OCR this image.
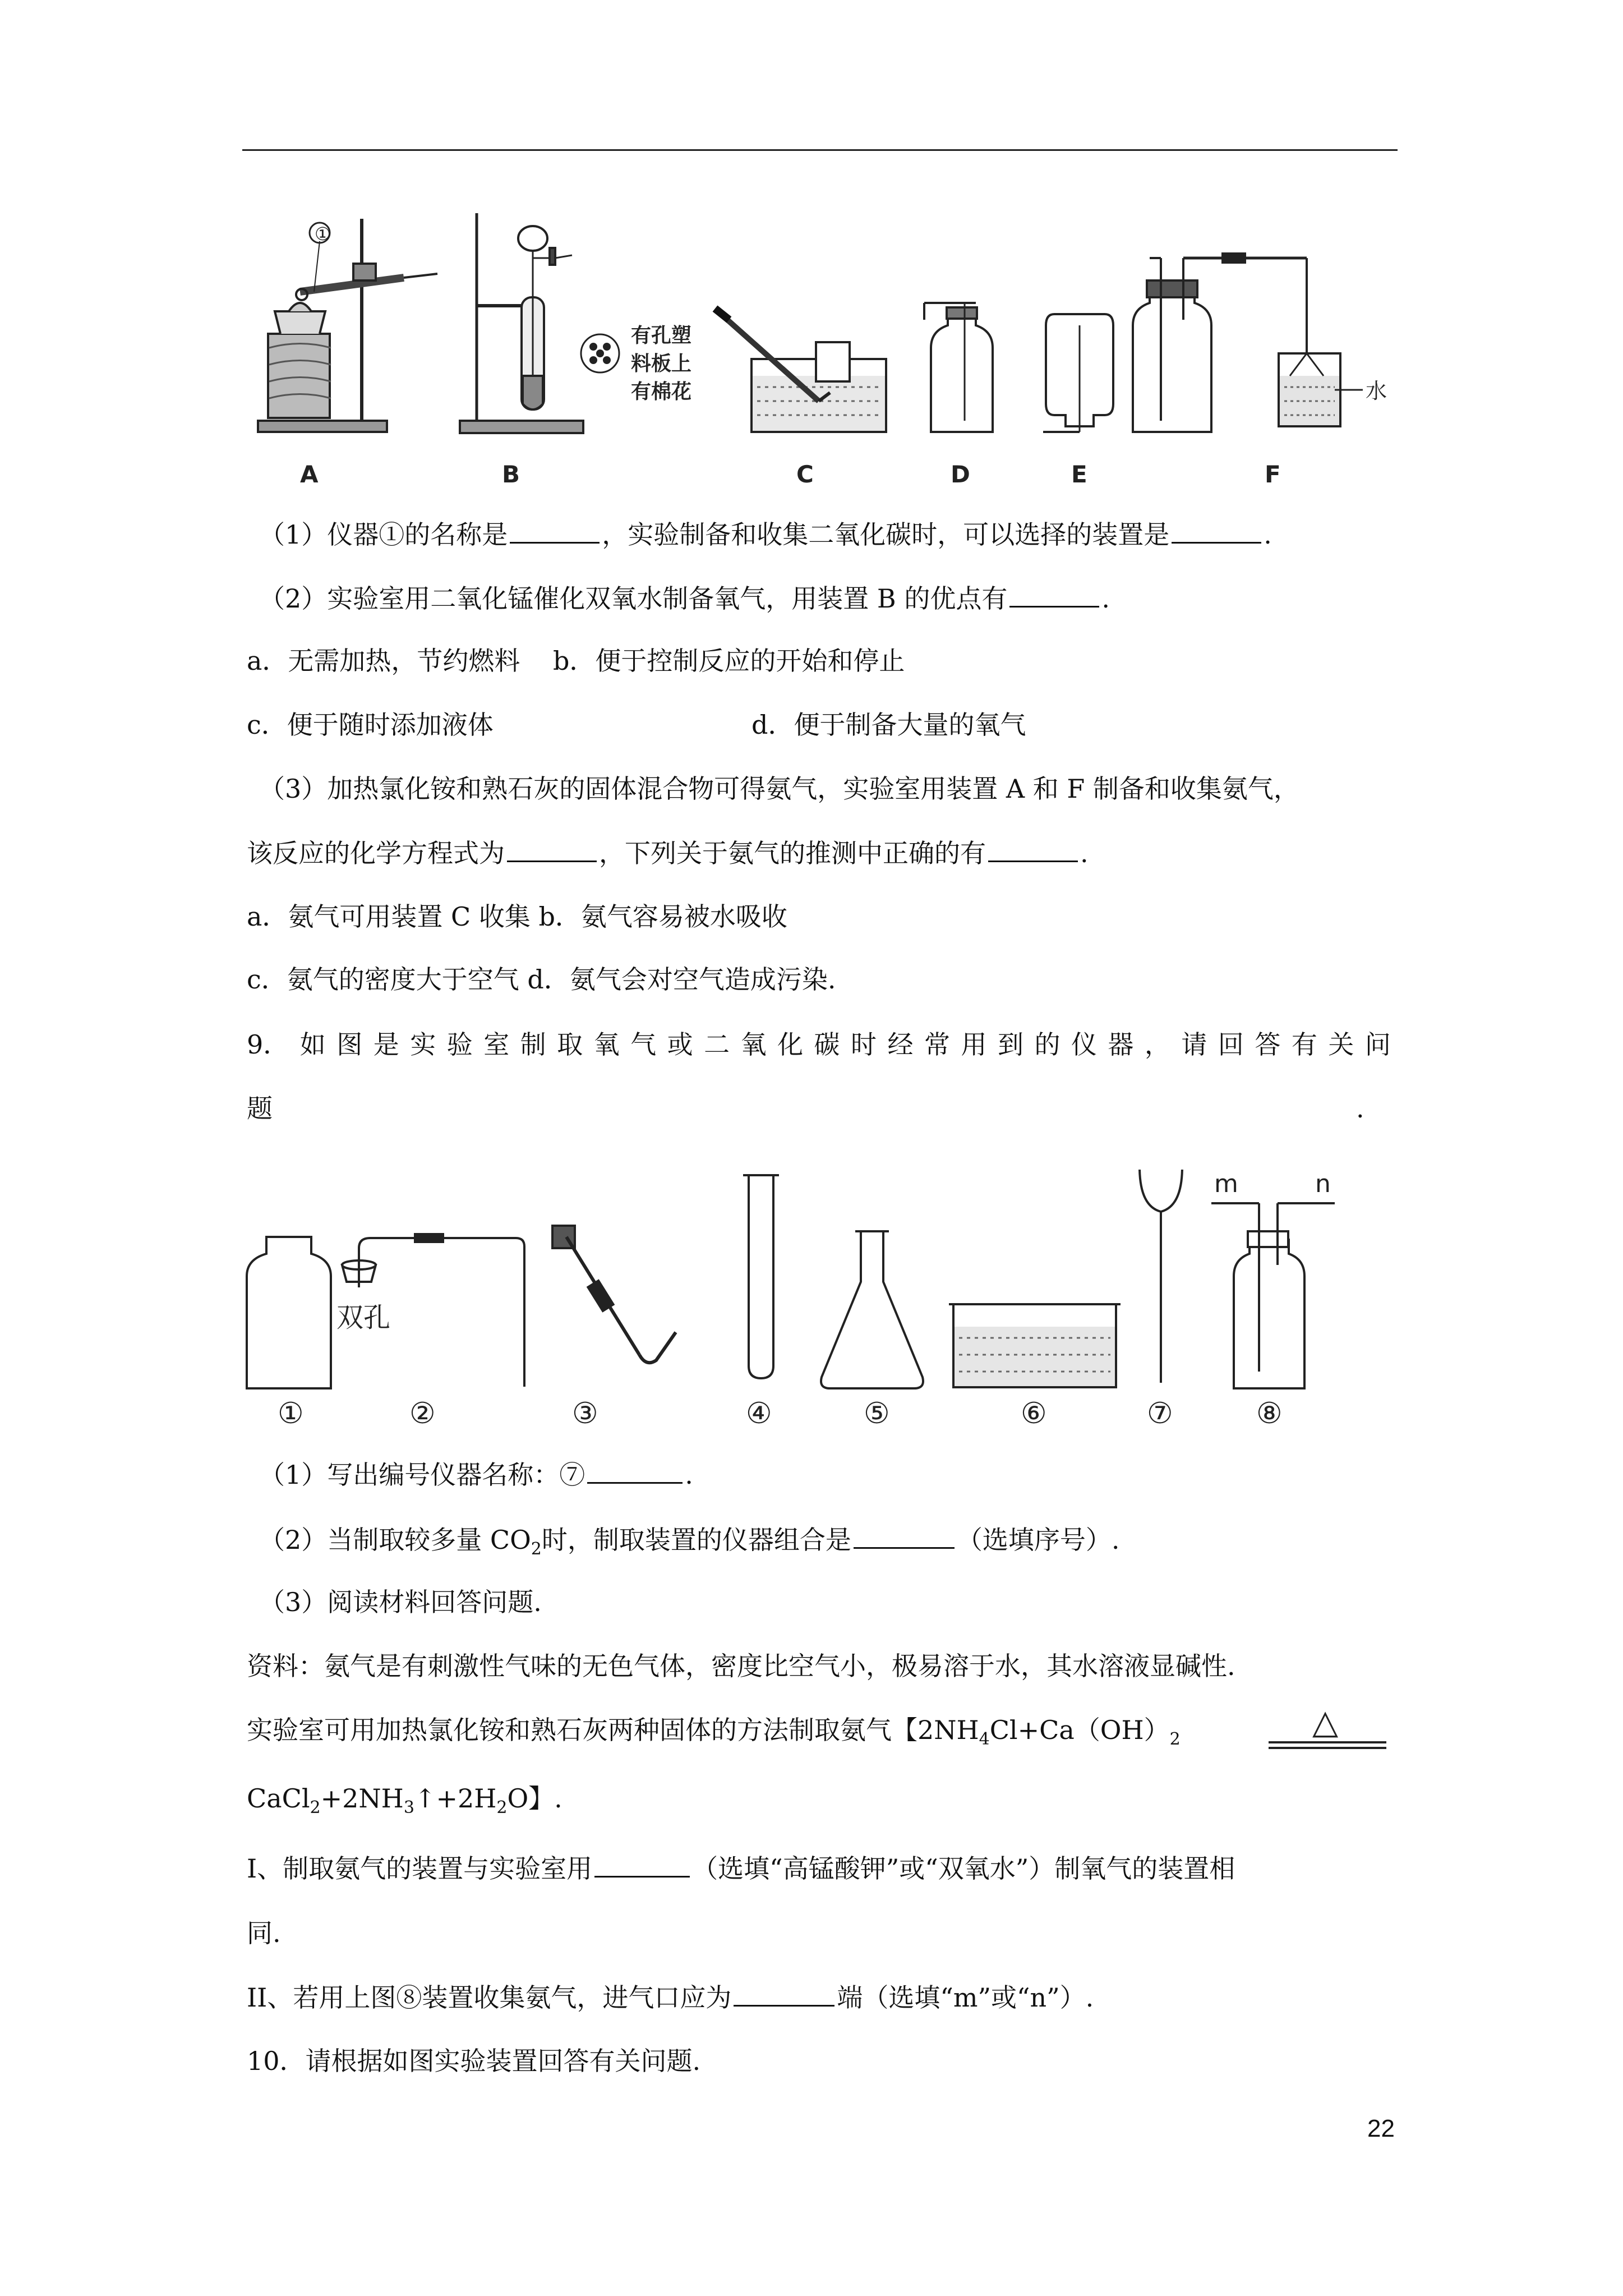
①
有孔塑
料板上
有棉花	水
A	B	C	D	E	F
（1）仪器①的名称是	，实验制备和收集二氧化碳时，可以选择的装置是	.
（2）实验室用二氧化锰催化双氧水制备氧气，用装置 B 的优点有	.
a．无需加热，节约燃料 b．便于控制反应的开始和停止
c．便于随时添加液体	d．便于制备大量的氧气
（3）加热氯化铵和熟石灰的固体混合物可得氨气，实验室用装置 A 和 F 制备和收集氨气，
该反应的化学方程式为	，下列关于氨气的推测中正确的有	.
a．氨气可用装置 C 收集 b．氨气容易被水吸收
c．氨气的密度大于空气 d．氨气会对空气造成污染.
9． 如 图 是 实 验 室 制 取 氧 气 或 二 氧 化 碳 时 经 常 用 到 的 仪 器 ， 请 回 答 有 关 问
题	.
双孔
m	n
①	②	③	④	⑤	⑥	⑦	⑧
（1）写出编号仪器名称：⑦	.
（2）当制取较多量 $CO_2$时，制取装置的仪器组合是	（选填序号）.
（3）阅读材料回答问题.
资料：氨气是有刺激性气味的无色气体，密度比空气小，极易溶于水，其水溶液显碱性.
实验室可用加热氯化铵和熟石灰两种固体的方法制取氨气【$2NH_4Cl+Ca(OH)_2$	△
$CaCl_2+2NH_3↑+2H_2O$】.
I、制取氨气的装置与实验室用	（选填“高锰酸钾”或“双氧水”）制氧气的装置相
同.
II、若用上图⑧装置收集氨气，进气口应为	端（选填“m”或“n”）.
10．请根据如图实验装置回答有关问题.
22
